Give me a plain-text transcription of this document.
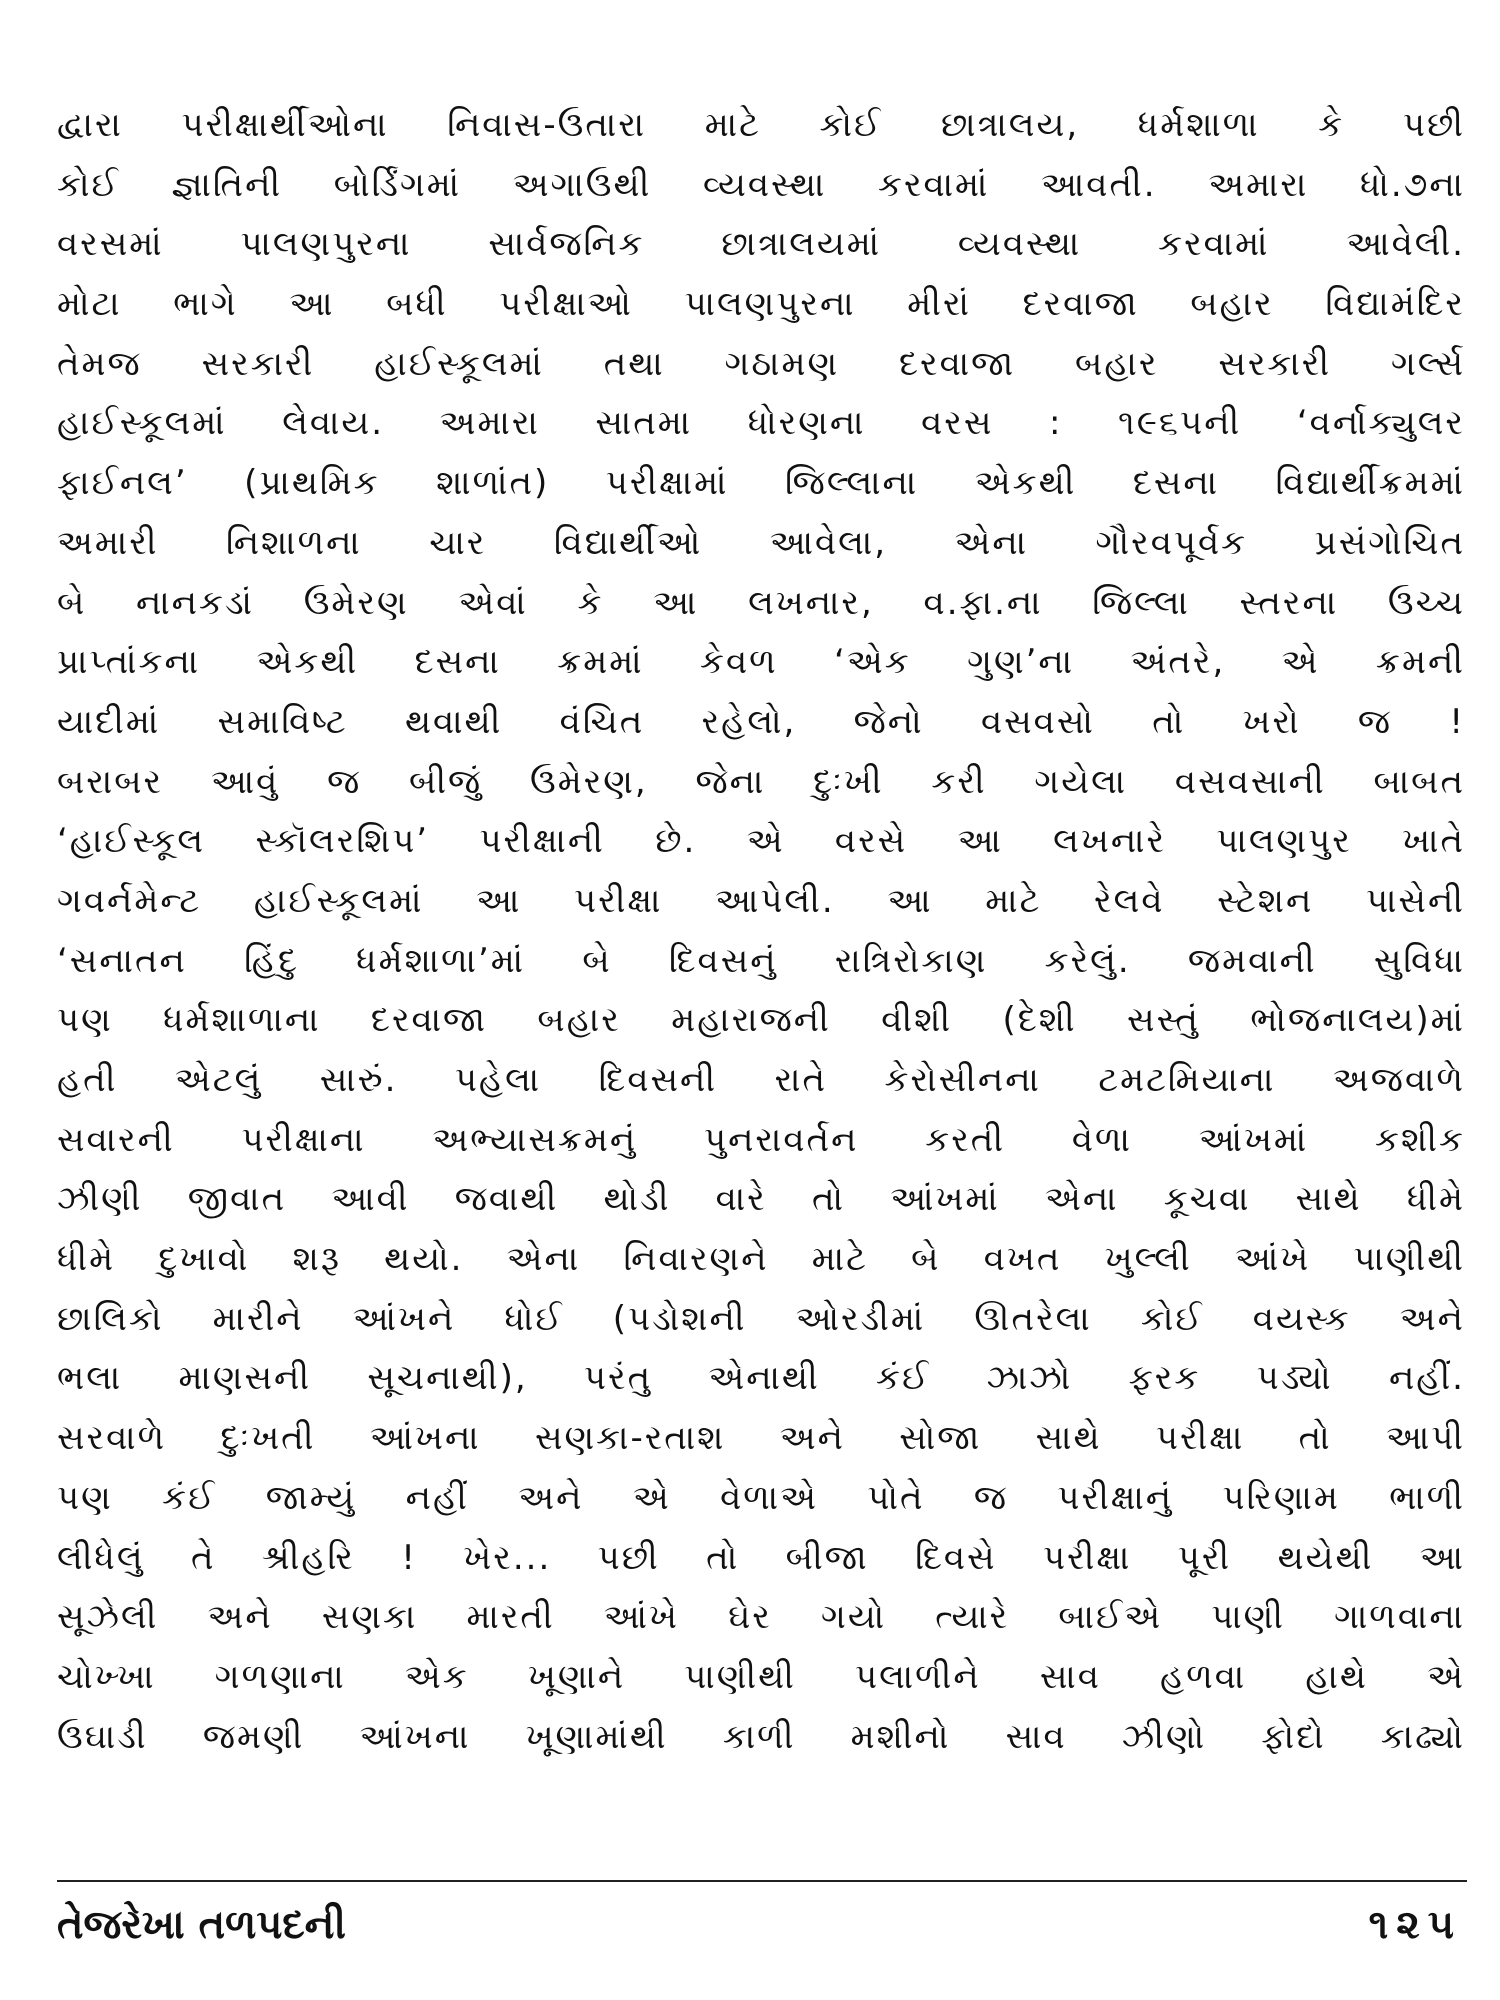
દ્વારા પરીક્ષાર્થીઓના નિવાસ-ઉતારા માટે કોઈ છાત્રાલય, ધર્મશાળા કે પછી
કોઈ જ્ઞાતિની બોર્ડિંગમાં અગાઉથી વ્યવસ્થા કરવામાં આવતી. અમારા ધો.૭ના
વરસમાં પાલણપુરના સાર્વજનિક છાત્રાલયમાં વ્યવસ્થા કરવામાં આવેલી.
મોટા ભાગે આ બધી પરીક્ષાઓ પાલણપુરના મીરાં દરવાજા બહાર વિદ્યામંદિર
તેમજ સરકારી હાઈસ્કૂલમાં તથા ગઠામણ દરવાજા બહાર સરકારી ગર્લ્સ
હાઈસ્કૂલમાં લેવાય. અમારા સાતમા ધોરણના વરસ : ૧૯૬૫ની ‘વર્નાક્યુલર
ફાઈનલ’ (પ્રાથમિક શાળાંત) પરીક્ષામાં જિલ્લાના એકથી દસના વિદ્યાર્થીક્રમમાં
અમારી નિશાળના ચાર વિદ્યાર્થીઓ આવેલા, એના ગૌરવપૂર્વક પ્રસંગોચિત
બે નાનકડાં ઉમેરણ એવાં કે આ લખનાર, વ.ફા.ના જિલ્લા સ્તરના ઉચ્ચ
પ્રાપ્તાંકના એકથી દસના ક્રમમાં કેવળ ‘એક ગુણ’ના અંતરે, એ ક્રમની
યાદીમાં સમાવિષ્ટ થવાથી વંચિત રહેલો, જેનો વસવસો તો ખરો જ !
બરાબર આવું જ બીજું ઉમેરણ, જેના દુઃખી કરી ગયેલા વસવસાની બાબત
‘હાઈસ્કૂલ સ્કૉલરશિપ’ પરીક્ષાની છે. એ વરસે આ લખનારે પાલણપુર ખાતે
ગવર્નમેન્ટ હાઈસ્કૂલમાં આ પરીક્ષા આપેલી. આ માટે રેલવે સ્ટેશન પાસેની
‘સનાતન હિંદુ ધર્મશાળા’માં બે દિવસનું રાત્રિરોકાણ કરેલું. જમવાની સુવિધા
પણ ધર્મશાળાના દરવાજા બહાર મહારાજની વીશી (દેશી સસ્તું ભોજનાલય)માં
હતી એટલું સારું. પહેલા દિવસની રાતે કેરોસીનના ટમટમિયાના અજવાળે
સવારની પરીક્ષાના અભ્યાસક્રમનું પુનરાવર્તન કરતી વેળા આંખમાં કશીક
ઝીણી જીવાત આવી જવાથી થોડી વારે તો આંખમાં એના કૂચવા સાથે ધીમે
ધીમે દુખાવો શરૂ થયો. એના નિવારણને માટે બે વખત ખુલ્લી આંખે પાણીથી
છાલિકો મારીને આંખને ધોઈ (પડોશની ઓરડીમાં ઊતરેલા કોઈ વયસ્ક અને
ભલા માણસની સૂચનાથી), પરંતુ એનાથી કંઈ ઝાઝો ફરક પડ્યો નહીં.
સરવાળે દુઃખતી આંખના સણકા-રતાશ અને સોજા સાથે પરીક્ષા તો આપી
પણ કંઈ જામ્યું નહીં અને એ વેળાએ પોતે જ પરીક્ષાનું પરિણામ ભાળી
લીધેલું તે શ્રીહરિ ! ખેર... પછી તો બીજા દિવસે પરીક્ષા પૂરી થયેથી આ
સૂઝેલી અને સણકા મારતી આંખે ઘેર ગયો ત્યારે બાઈએ પાણી ગાળવાના
ચોખ્ખા ગળણાના એક ખૂણાને પાણીથી પલાળીને સાવ હળવા હાથે એ
ઉઘાડી જમણી આંખના ખૂણામાંથી કાળી મશીનો સાવ ઝીણો ફોદો કાઢ્યો
તેજરેખા તળપદની	૧૨૫
